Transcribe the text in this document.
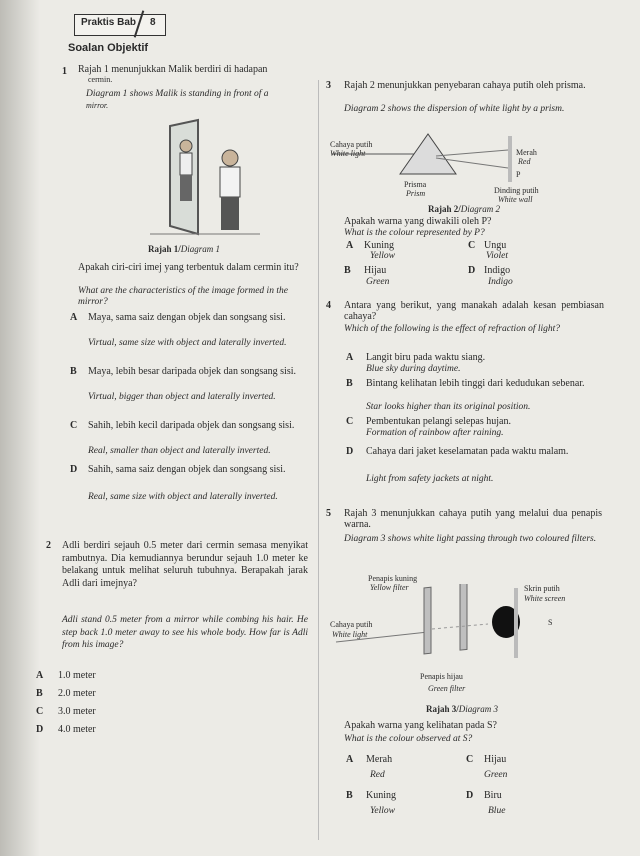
Praktis Bab 8
Soalan Objektif
1 Rajah 1 menunjukkan Malik berdiri di hadapan
cermin.
Diagram 1 shows Malik is standing in front of a
mirror.
Rajah 1/Diagram 1
Apakah ciri-ciri imej yang terbentuk dalam cermin itu?
What are the characteristics of the image formed in the mirror?
A Maya, sama saiz dengan objek dan songsang sisi.
Virtual, same size with object and laterally inverted.
B Maya, lebih besar daripada objek dan songsang sisi.
Virtual, bigger than object and laterally inverted.
C Sahih, lebih kecil daripada objek dan songsang sisi.
Real, smaller than object and laterally inverted.
D Sahih, sama saiz dengan objek dan songsang sisi.
Real, same size with object and laterally inverted.
2 Adli berdiri sejauh 0.5 meter dari cermin semasa menyikat rambutnya. Dia kemudiannya berundur sejauh 1.0 meter ke belakang untuk melihat seluruh tubuhnya. Berapakah jarak Adli dari imejnya?
Adli stand 0.5 meter from a mirror while combing his hair. He step back 1.0 meter away to see his whole body. How far is Adli from his image?
A 1.0 meter
B 2.0 meter
C 3.0 meter
D 4.0 meter
3 Rajah 2 menunjukkan penyebaran cahaya putih oleh prisma.
Diagram 2 shows the dispersion of white light by a prism.
Cahaya putih
White light	Merah
Red
P
Prisma
Prism	Dinding putih
White wall
Rajah 2/Diagram 2
Apakah warna yang diwakili oleh P?
What is the colour represented by P?
A Kuning
Yellow
C Ungu
Violet
B Hijau
Green
D Indigo
Indigo
4 Antara yang berikut, yang manakah adalah kesan pembiasan cahaya?
Which of the following is the effect of refraction of light?
A Langit biru pada waktu siang.
Blue sky during daytime.
B Bintang kelihatan lebih tinggi dari kedudukan sebenar.
Star looks higher than its original position.
C Pembentukan pelangi selepas hujan.
Formation of rainbow after raining.
D Cahaya dari jaket keselamatan pada waktu malam.
Light from safety jackets at night.
5 Rajah 3 menunjukkan cahaya putih yang melalui dua penapis warna.
Diagram 3 shows white light passing through two coloured filters.
Penapis kuning
Yellow filter	Skrin putih
White screen
Cahaya putih
White light
S
Penapis hijau
Green filter
Rajah 3/Diagram 3
Apakah warna yang kelihatan pada S?
What is the colour observed at S?
A Merah
Red
C Hijau
Green
B Kuning
Yellow
D Biru
Blue
